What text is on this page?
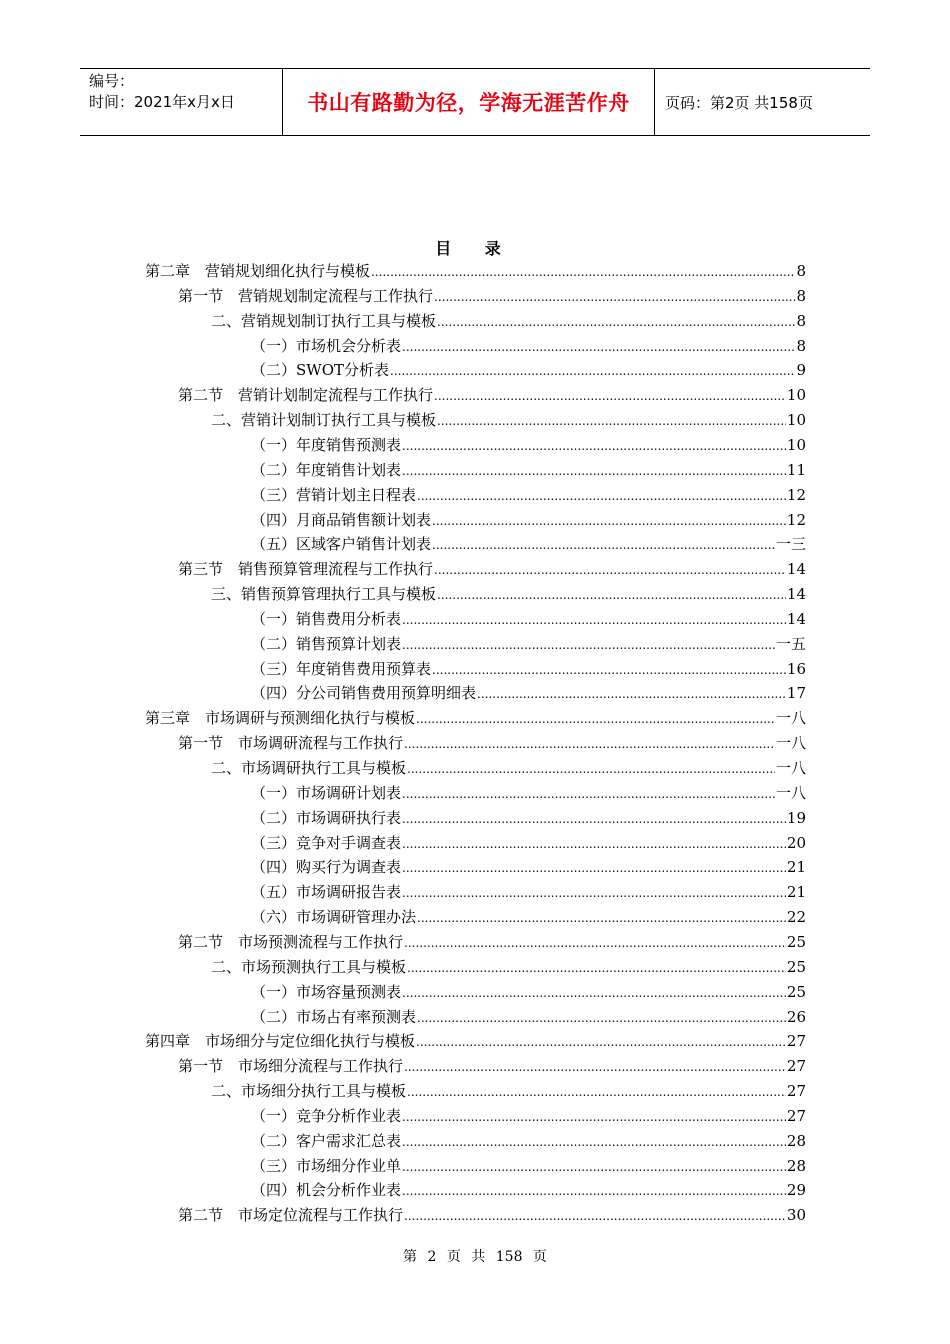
编号：
时间：2021年x月x日	书山有路勤为径，学海无涯苦作舟	页码：第2页 共158页
目 录
第二章　营销规划细化执行与模板 .....	8
第一节　营销规划制定流程与工作执行 .....	8
二、营销规划制订执行工具与模板 .....	8
（一）市场机会分析表 .....	8
（二）SWOT分析表 .....	9
第二节　营销计划制定流程与工作执行 .....	10
二、营销计划制订执行工具与模板 .....	10
（一）年度销售预测表 .....	10
（二）年度销售计划表 .....	11
（三）营销计划主日程表 .....	12
（四）月商品销售额计划表 .....	12
（五）区域客户销售计划表 .....	一三
第三节　销售预算管理流程与工作执行 .....	14
三、销售预算管理执行工具与模板 .....	14
（一）销售费用分析表 .....	14
（二）销售预算计划表 .....	一五
（三）年度销售费用预算表 .....	16
（四）分公司销售费用预算明细表 .....	17
第三章　市场调研与预测细化执行与模板 .....	一八
第一节　市场调研流程与工作执行 .....	一八
二、市场调研执行工具与模板 .....	一八
（一）市场调研计划表 .....	一八
（二）市场调研执行表 .....	19
（三）竞争对手调查表 .....	20
（四）购买行为调查表 .....	21
（五）市场调研报告表 .....	21
（六）市场调研管理办法 .....	22
第二节　市场预测流程与工作执行 .....	25
二、市场预测执行工具与模板 .....	25
（一）市场容量预测表 .....	25
（二）市场占有率预测表 .....	26
第四章　市场细分与定位细化执行与模板 .....	27
第一节　市场细分流程与工作执行 .....	27
二、市场细分执行工具与模板 .....	27
（一）竞争分析作业表 .....	27
（二）客户需求汇总表 .....	28
（三）市场细分作业单 .....	28
（四）机会分析作业表 .....	29
第二节　市场定位流程与工作执行 .....	30
第 2 页 共 158 页
